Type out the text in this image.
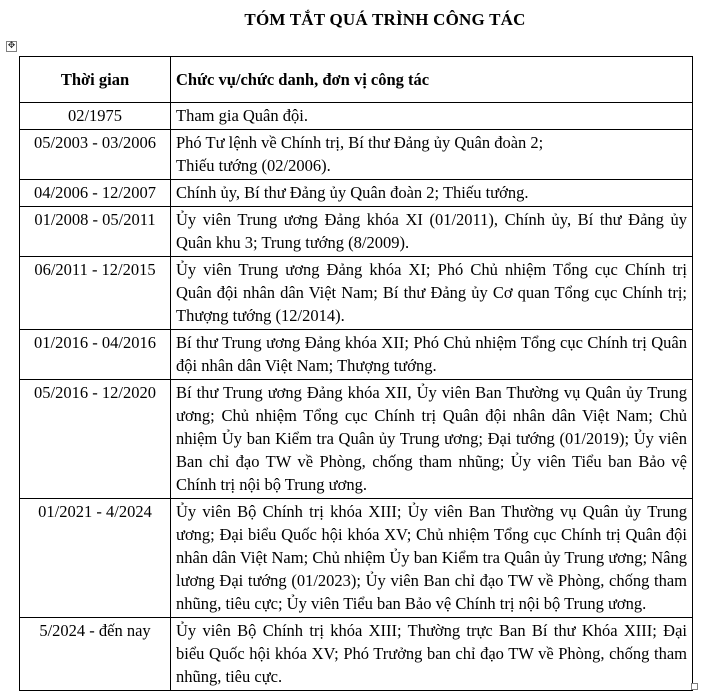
TÓM TẮT QUÁ TRÌNH CÔNG TÁC
✥
Thời gian	Chức vụ/chức danh, đơn vị công tác
02/1975	Tham gia Quân đội.
05/2003 - 03/2006	Phó Tư lệnh về Chính trị, Bí thư Đảng ủy Quân đoàn 2;
Thiếu tướng (02/2006).
04/2006 - 12/2007	Chính ủy, Bí thư Đảng ủy Quân đoàn 2; Thiếu tướng.
01/2008 - 05/2011	Ủy viên Trung ương Đảng khóa XI (01/2011), Chính ủy, Bí thư Đảng ủy Quân khu 3; Trung tướng (8/2009).
06/2011 - 12/2015	Ủy viên Trung ương Đảng khóa XI; Phó Chủ nhiệm Tổng cục Chính trị Quân đội nhân dân Việt Nam; Bí thư Đảng ủy Cơ quan Tổng cục Chính trị; Thượng tướng (12/2014).
01/2016 - 04/2016	Bí thư Trung ương Đảng khóa XII; Phó Chủ nhiệm Tổng cục Chính trị Quân đội nhân dân Việt Nam; Thượng tướng.
05/2016 - 12/2020	Bí thư Trung ương Đảng khóa XII, Ủy viên Ban Thường vụ Quân ủy Trung ương; Chủ nhiệm Tổng cục Chính trị Quân đội nhân dân Việt Nam; Chủ nhiệm Ủy ban Kiểm tra Quân ủy Trung ương; Đại tướng (01/2019); Ủy viên Ban chỉ đạo TW về Phòng, chống tham nhũng; Ủy viên Tiểu ban Bảo vệ Chính trị nội bộ Trung ương.
01/2021 - 4/2024	Ủy viên Bộ Chính trị khóa XIII; Ủy viên Ban Thường vụ Quân ủy Trung ương; Đại biểu Quốc hội khóa XV; Chủ nhiệm Tổng cục Chính trị Quân đội nhân dân Việt Nam; Chủ nhiệm Ủy ban Kiểm tra Quân ủy Trung ương; Nâng lương Đại tướng (01/2023); Ủy viên Ban chỉ đạo TW về Phòng, chống tham nhũng, tiêu cực; Ủy viên Tiểu ban Bảo vệ Chính trị nội bộ Trung ương.
5/2024 - đến nay	Ủy viên Bộ Chính trị khóa XIII; Thường trực Ban Bí thư Khóa XIII; Đại biểu Quốc hội khóa XV; Phó Trưởng ban chỉ đạo TW về Phòng, chống tham nhũng, tiêu cực.
